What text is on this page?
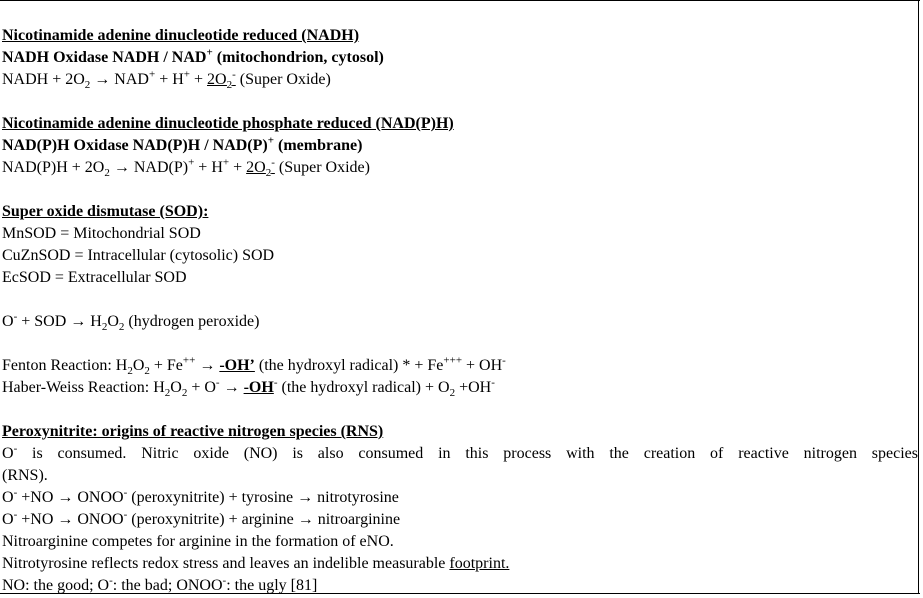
Nicotinamide adenine dinucleotide reduced (NADH)
NADH Oxidase NADH / NAD+ (mitochondrion, cytosol)
NADH + $2O_2 \to NAD^+ + H^+ + 2O_2^-$ (Super Oxide)
Nicotinamide adenine dinucleotide phosphate reduced (NAD(P)H)
NAD(P)H Oxidase NAD(P)H / NAD(P)+ (membrane)
$NAD(P)H + 2O_2 \to NAD(P)^+ + H^+ + 2O_2^-$ (Super Oxide)
Super oxide dismutase (SOD):
MnSOD = Mitochondrial SOD
CuZnSOD = Intracellular (cytosolic) SOD
EcSOD = Extracellular SOD
O- + SOD → $H_2O_2$ (hydrogen peroxide)
Fenton Reaction: $H_2O_2 + Fe^{++} \to -OH$’ (the hydroxyl radical) * + Fe+++ + OH-
Haber-Weiss Reaction: $H_2O_2 + O^- \to -OH^-$ (the hydroxyl radical) + $O_2 +OH^-$
Peroxynitrite: origins of reactive nitrogen species (RNS)
O- is consumed. Nitric oxide (NO) is also consumed in this process with the creation of reactive nitrogen species
(RNS).
O- +NO → ONOO- (peroxynitrite) + tyrosine → nitrotyrosine
O- +NO → ONOO- (peroxynitrite) + arginine → nitroarginine
Nitroarginine competes for arginine in the formation of eNO.
Nitrotyrosine reflects redox stress and leaves an indelible measurable footprint.
NO: the good; O-: the bad; ONOO-: the ugly [81]
